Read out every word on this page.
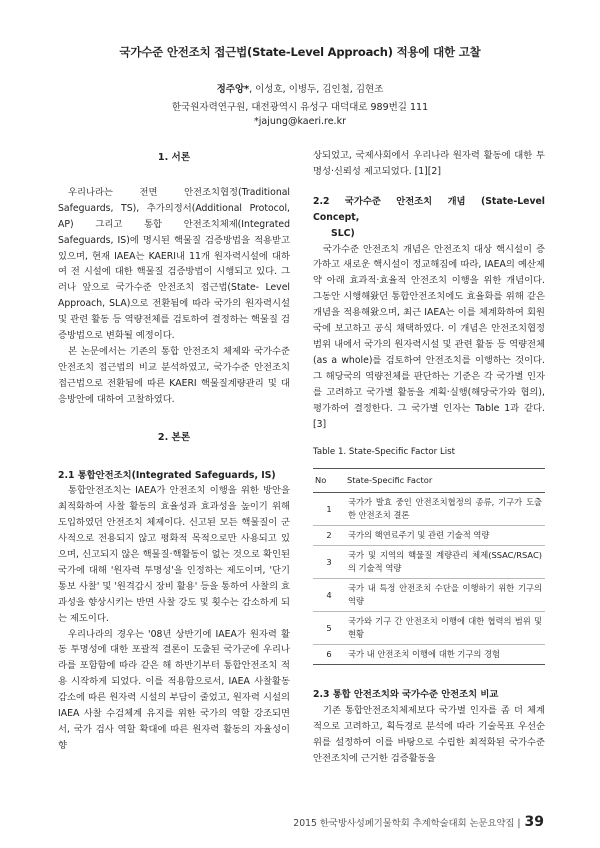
국가수준 안전조치 접근법(State-Level Approach) 적용에 대한 고찰
정주앙*, 이성호, 이병두, 김인철, 김현조
한국원자력연구원, 대전광역시 유성구 대덕대로 989번길 111
*jajung@kaeri.re.kr

1. 서론

우리나라는 전면 안전조치협정(Traditional Safeguards, TS), 추가의정서(Additional Protocol, AP) 그리고 통합 안전조치체제(Integrated Safeguards, IS)에 명시된 핵물질 검증방법을 적용받고 있으며, 현재 IAEA는 KAERI내 11개 원자력시설에 대하여 전 시설에 대한 핵물질 검증방법이 시행되고 있다. 그러나 앞으로 국가수준 안전조치 접근법(State- Level Approach, SLA)으로 전환됨에 따라 국가의 원자력시설 및 관련 활동 등 역량전체를 검토하여 결정하는 핵물질 검증방법으로 변화될 예정이다.

본 논문에서는 기존의 통합 안전조치 체제와 국가수준 안전조치 접근법의 비교 분석하였고, 국가수준 안전조치 접근법으로 전환됨에 따른 KAERI 핵물질계량관리 및 대응방안에 대하여 고찰하였다.

2. 본론

2.1 통합안전조치(Integrated Safeguards, IS)

통합안전조치는 IAEA가 안전조치 이행을 위한 방안을 최적화하여 사찰 활동의 효율성과 효과성을 높이기 위해 도입하였던 안전조치 체제이다. 신고된 모든 핵물질이 군사적으로 전용되지 않고 평화적 목적으로만 사용되고 있으며, 신고되지 않은 핵물질·핵활동이 없는 것으로 확인된 국가에 대해 '원자력 투명성'을 인정하는 제도이며, '단기 통보 사찰' 및 '원격감시 장비 활용' 등을 통하여 사찰의 효과성을 향상시키는 반면 사찰 강도 및 횟수는 감소하게 되는 제도이다.

우리나라의 경우는 '08년 상반기에 IAEA가 원자력 활동 투명성에 대한 포괄적 결론이 도출된 국가군에 우리나라를 포함함에 따라 같은 해 하반기부터 통합안전조치 적용 시작하게 되었다. 이를 적용함으로서, IAEA 사찰활동 감소에 따른 원자력 시설의 부담이 줄었고, 원자력 시설의 IAEA 사찰 수검체계 유지를 위한 국가의 역할 강조되면서, 국가 검사 역할 확대에 따른 원자력 활동의 자율성이 향

상되었고, 국제사회에서 우리나라 원자력 활동에 대한 투명성·신뢰성 제고되었다. [1][2]

2.2 국가수준 안전조치 개념 (State-Level Concept,
SLC)

국가수준 안전조치 개념은 안전조치 대상 핵시설이 증가하고 새로운 핵시설이 정교해짐에 따라, IAEA의 예산제약 아래 효과적·효율적 안전조치 이행을 위한 개념이다. 그동안 시행해왔던 통합안전조치에도 효율화를 위해 같은 개념을 적용해왔으며, 최근 IAEA는 이를 체계화하여 회원국에 보고하고 공식 채택하였다. 이 개념은 안전조치협정 범위 내에서 국가의 원자력시설 및 관련 활동 등 역량전체(as a whole)를 검토하여 안전조치를 이행하는 것이다. 그 해당국의 역량전체를 판단하는 기준은 각 국가별 인자를 고려하고 국가별 활동을 계획·실행(해당국가와 협의), 평가하여 결정한다. 그 국가별 인자는 Table 1과 같다. [3]

Table 1. State-Specific Factor List

No	State-Specific Factor
1	국가가 발효 중인 안전조치협정의 종류, 기구가 도출한 안전조치 결론
2	국가의 핵연료주기 및 관련 기술적 역량
3	국가 및 지역의 핵물질 계량관리 체제(SSAC/RSAC)의 기술적 역량
4	국가 내 특정 안전조치 수단을 이행하기 위한 기구의 역량
5	국가와 기구 간 안전조치 이행에 대한 협력의 범위 및 현황
6	국가 내 안전조치 이행에 대한 기구의 경험

2.3 통합 안전조치와 국가수준 안전조치 비교

기존 통합안전조치체제보다 국가별 인자를 좀 더 체계적으로 고려하고, 획득경로 분석에 따라 기술목표 우선순위를 설정하여 이를 바탕으로 수립한 최적화된 국가수준 안전조치에 근거한 검증활동을

2015 한국방사성폐기물학회 추계학술대회 논문요약집 | 39
